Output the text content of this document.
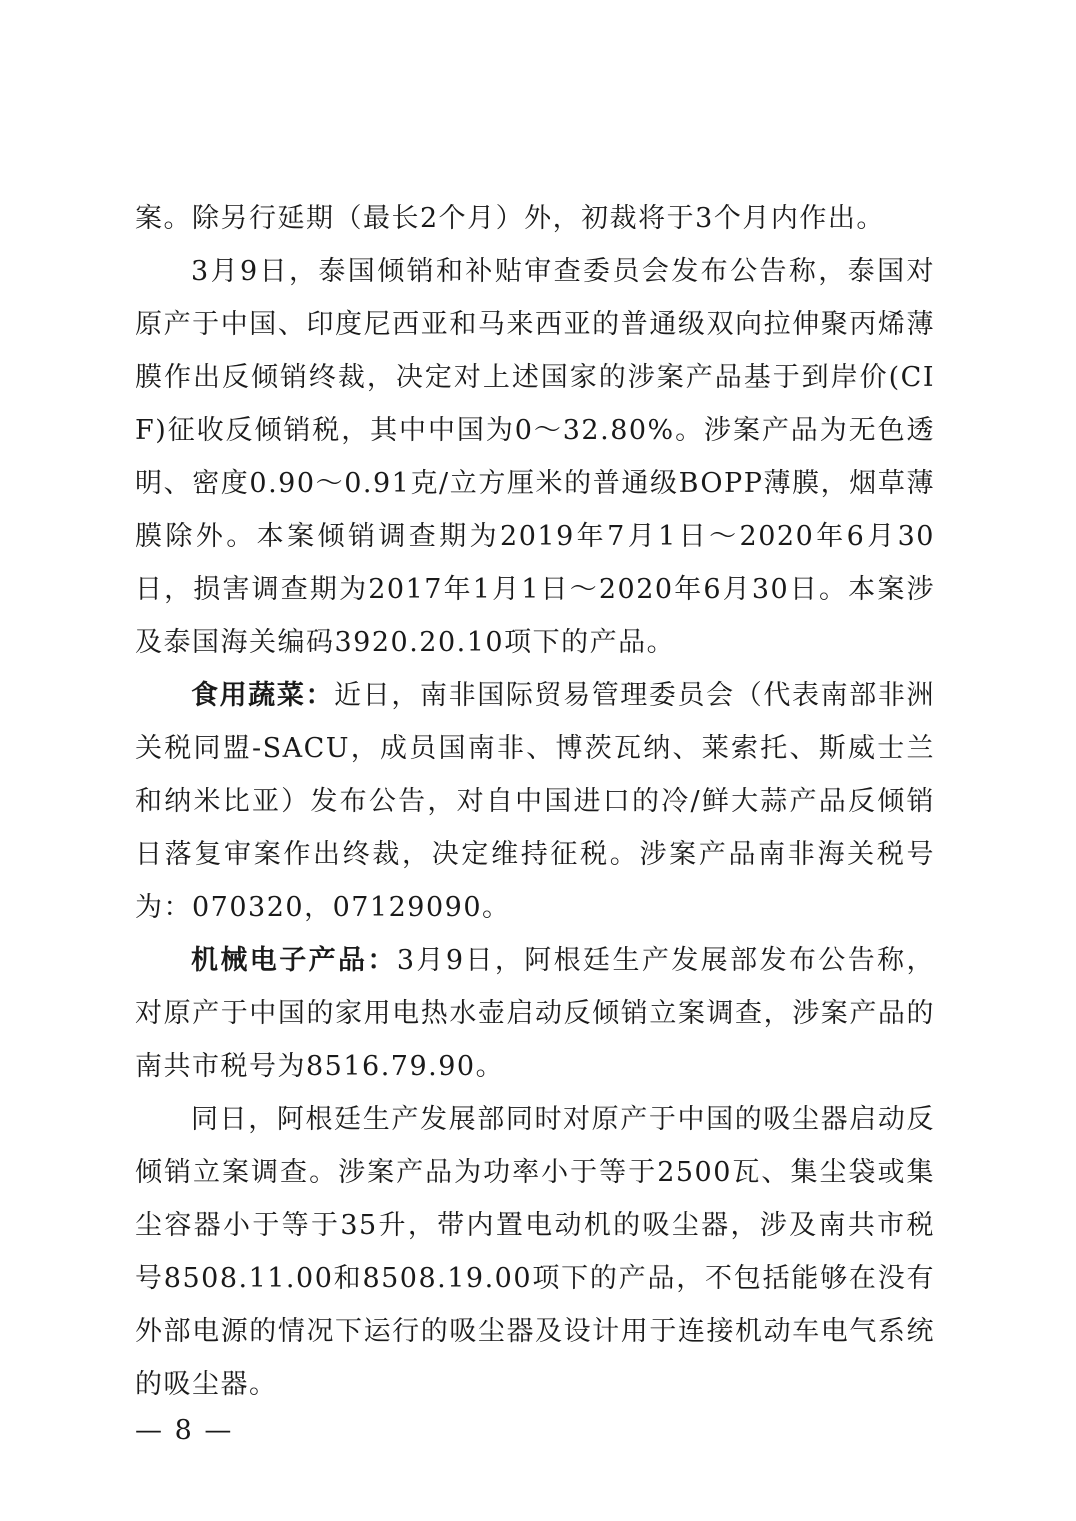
案。除另行延期（最长2个月）外，初裁将于3个月内作出。

3月9日，泰国倾销和补贴审查委员会发布公告称，泰国对原产于中国、印度尼西亚和马来西亚的普通级双向拉伸聚丙烯薄膜作出反倾销终裁，决定对上述国家的涉案产品基于到岸价(CIF)征收反倾销税，其中中国为0～32.80%。涉案产品为无色透明、密度0.90～0.91克/立方厘米的普通级BOPP薄膜，烟草薄膜除外。本案倾销调查期为2019年7月1日～2020年6月30日，损害调查期为2017年1月1日～2020年6月30日。本案涉及泰国海关编码3920.20.10项下的产品。

食用蔬菜：近日，南非国际贸易管理委员会（代表南部非洲关税同盟-SACU，成员国南非、博茨瓦纳、莱索托、斯威士兰和纳米比亚）发布公告，对自中国进口的冷/鲜大蒜产品反倾销日落复审案作出终裁，决定维持征税。涉案产品南非海关税号为：070320，07129090。

机械电子产品：3月9日，阿根廷生产发展部发布公告称，对原产于中国的家用电热水壶启动反倾销立案调查，涉案产品的南共市税号为8516.79.90。

同日，阿根廷生产发展部同时对原产于中国的吸尘器启动反倾销立案调查。涉案产品为功率小于等于2500瓦、集尘袋或集尘容器小于等于35升，带内置电动机的吸尘器，涉及南共市税号8508.11.00和8508.19.00项下的产品，不包括能够在没有外部电源的情况下运行的吸尘器及设计用于连接机动车电气系统的吸尘器。

— 8 —
